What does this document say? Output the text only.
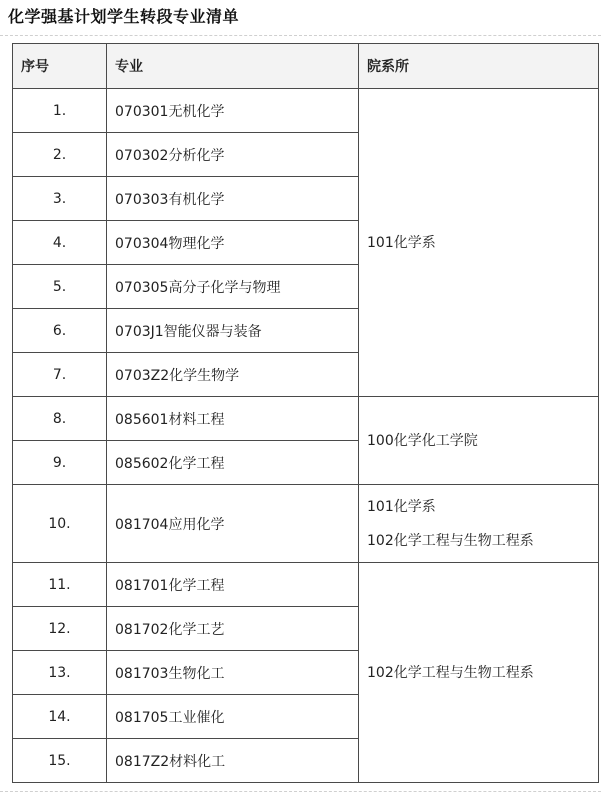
化学强基计划学生转段专业清单
序号	专业	院系所
1.	070301无机化学	101化学系

2.	070302分析化学	
3.	070303有机化学	
4.	070304物理化学	
5.	070305高分子化学与物理	
6.	0703J1智能仪器与装备	
7.	0703Z2化学生物学	
8.	085601材料工程	100化学化工学院

9.	085602化学工程	
10.	081704应用化学	101化学系
102化学工程与生物工程系

11.	081701化学工程	102化学工程与生物工程系

12.	081702化学工艺	
13.	081703生物化工	
14.	081705工业催化	
15.	0817Z2材料化工	
